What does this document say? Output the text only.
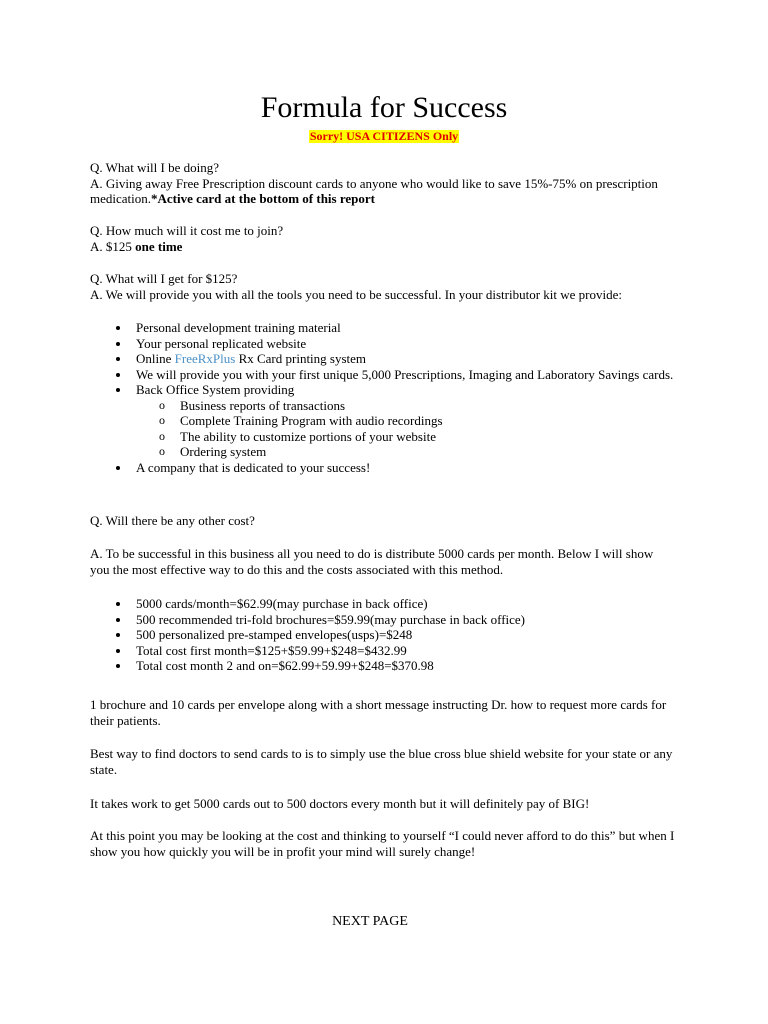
Formula for Success
Sorry! USA CITIZENS Only

Q. What will I be doing?

A. Giving away Free Prescription discount cards to anyone who would like to save 15%-75% on prescription medication.*Active card at the bottom of this report

Q. How much will it cost me to join?

A. $125 one time

Q. What will I get for $125?

A. We will provide you with all the tools you need to be successful. In your distributor kit we provide:

Personal development training material
Your personal replicated website
Online FreeRxPlus Rx Card printing system
We will provide you with your first unique 5,000 Prescriptions, Imaging and Laboratory Savings cards.
Back Office System providing
o Business reports of transactions
o Complete Training Program with audio recordings
o The ability to customize portions of your website
o Ordering system
A company that is dedicated to your success!

Q. Will there be any other cost?

A. To be successful in this business all you need to do is distribute 5000 cards per month. Below I will show you the most effective way to do this and the costs associated with this method.

5000 cards/month=$62.99(may purchase in back office)
500 recommended tri-fold brochures=$59.99(may purchase in back office)
500 personalized pre-stamped envelopes(usps)=$248
Total cost first month=$125+$59.99+$248=$432.99
Total cost month 2 and on=$62.99+59.99+$248=$370.98

1 brochure and 10 cards per envelope along with a short message instructing Dr. how to request more cards for their patients.

Best way to find doctors to send cards to is to simply use the blue cross blue shield website for your state or any state.

It takes work to get 5000 cards out to 500 doctors every month but it will definitely pay of BIG!

At this point you may be looking at the cost and thinking to yourself “I could never afford to do this” but when I show you how quickly you will be in profit your mind will surely change!

NEXT PAGE
